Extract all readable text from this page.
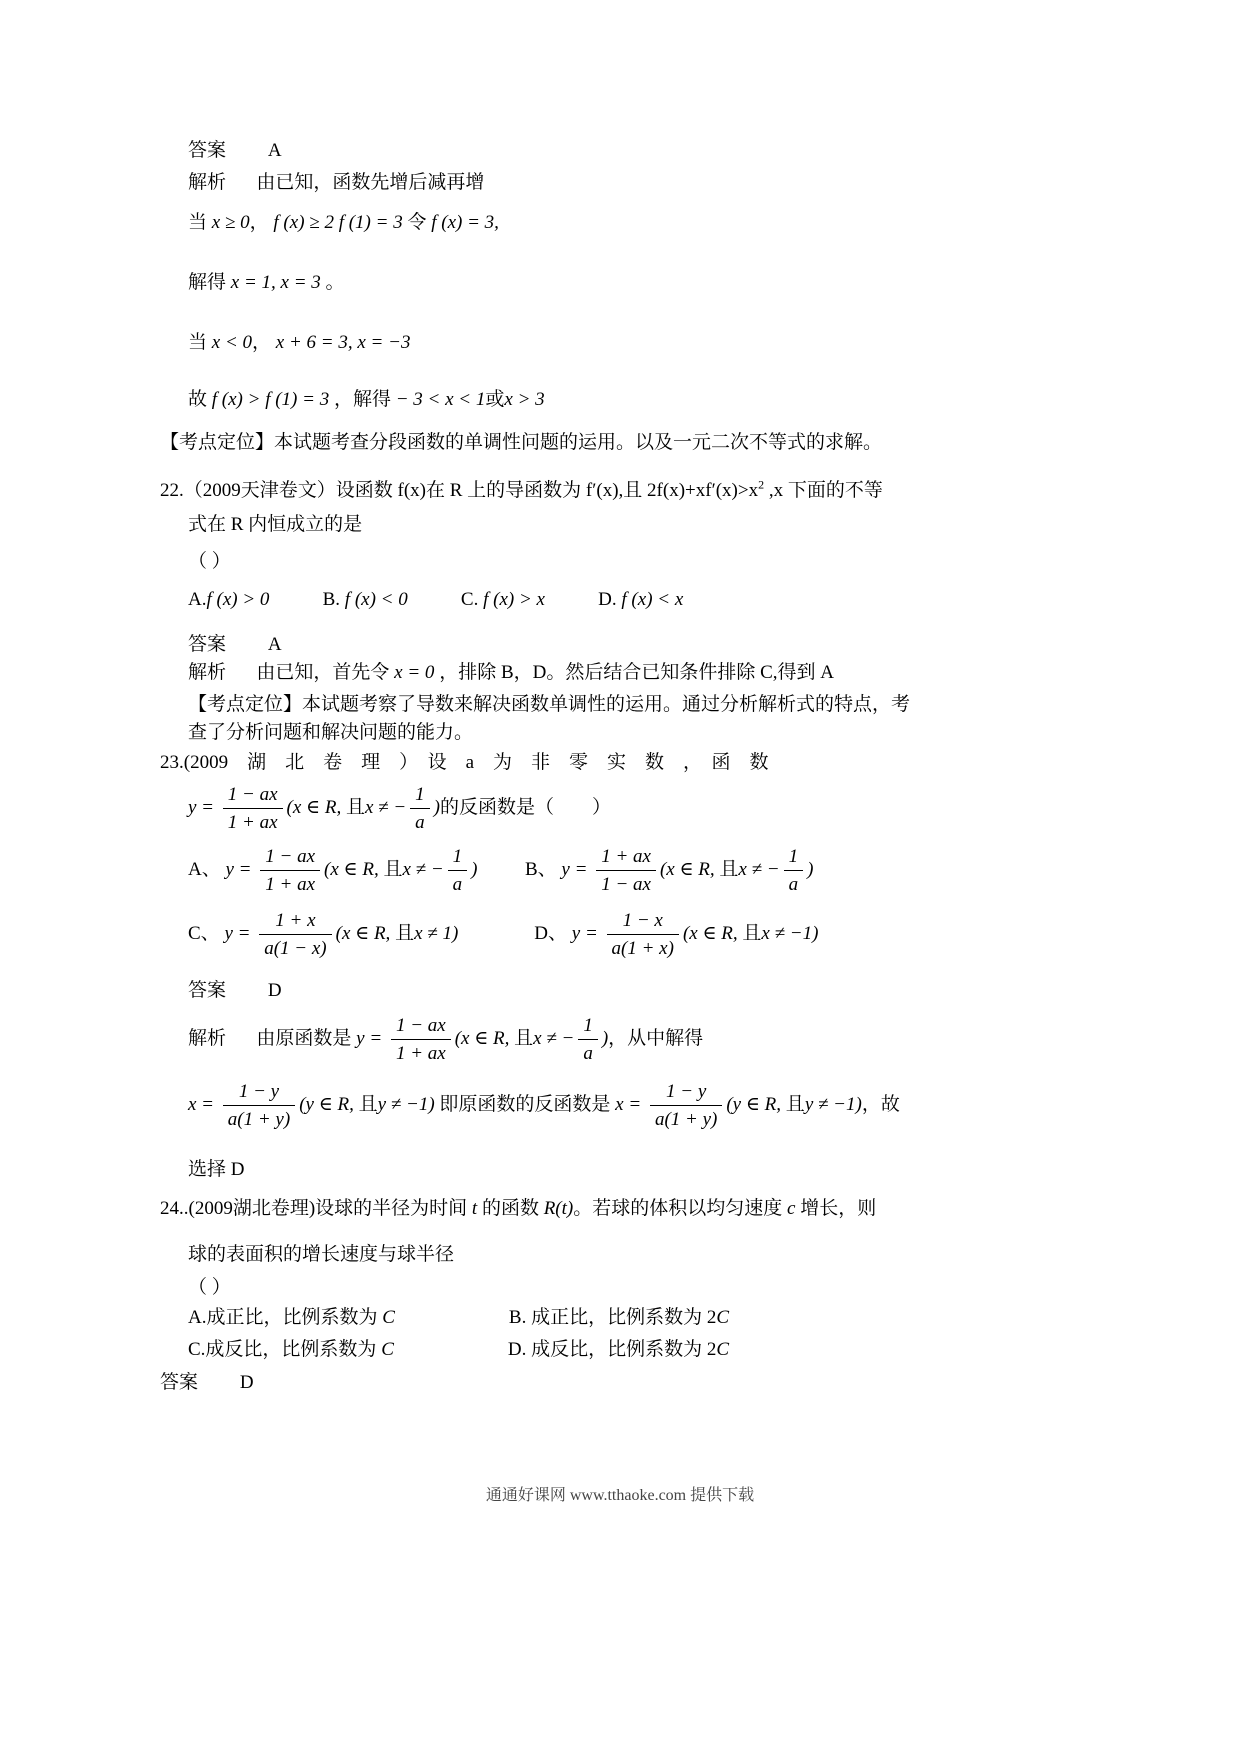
答案 A
解析 由已知，函数先增后减再增
当 x ≥ 0， f (x) ≥ 2 f (1) = 3 令 f (x) = 3,
解得 x = 1, x = 3 。
当 x < 0， x + 6 = 3, x = −3
故 f (x) > f (1) = 3 ，解得 − 3 < x < 1或x > 3
【考点定位】本试题考查分段函数的单调性问题的运用。以及一元二次不等式的求解。
22.（2009天津卷文）设函数 f(x)在 R 上的导函数为 f′(x),且 $2f(x)+xf'(x)>x^2$ ,x 下面的不等
式在 R 内恒成立的是
（ ）
A.f (x) > 0	B. f (x) < 0	C. f (x) > x	D. f (x) < x
答案 A
解析 由已知，首先令 x = 0 ，排除 B，D。然后结合已知条件排除 C,得到 A
【考点定位】本试题考察了导数来解决函数单调性的运用。通过分析解析式的特点，考
查了分析问题和解决问题的能力。
23.(2009　湖　北　卷　理　）　设　a　为　非　零　实　数　，　函　数
$y = \frac{1 - ax}{1 + ax} (x$ ∈ R, 且x ≠ − $\frac{1}{a}$ )的反函数是（　　）
A、 $y = \frac{1 - ax}{1 + ax} (x$ ∈ R, 且x ≠ − $\frac{1}{a}$ )	B、 $y = \frac{1 + ax}{1 - ax} (x$ ∈ R, 且x ≠ − $\frac{1}{a}$ )
C、 $y = \frac{1 + x}{a(1 - x)} (x$ ∈ R, 且x ≠ 1)	D、 $y = \frac{1 - x}{a(1 + x)} (x$ ∈ R, 且x ≠ −1)
答案 D
解析 由原函数是 $y = \frac{1 - ax}{1 + ax} (x$ ∈ R, 且x ≠ − $\frac{1}{a}$ )，从中解得
$x = \frac{1 - y}{a(1 + y)} (y$ ∈ R, 且y ≠ −1) 即原函数的反函数是 $x = \frac{1 - y}{a(1 + y)} (y$ ∈ R, 且y ≠ −1)，故
选择 D
24..(2009湖北卷理)设球的半径为时间 t 的函数 R(t)。若球的体积以均匀速度 c 增长，则
球的表面积的增长速度与球半径
（ ）
A.成正比，比例系数为 C	B. 成正比，比例系数为 2C
C.成反比，比例系数为 C	D. 成反比，比例系数为 2C
答案 D
通通好课网 www.tthaoke.com 提供下载
